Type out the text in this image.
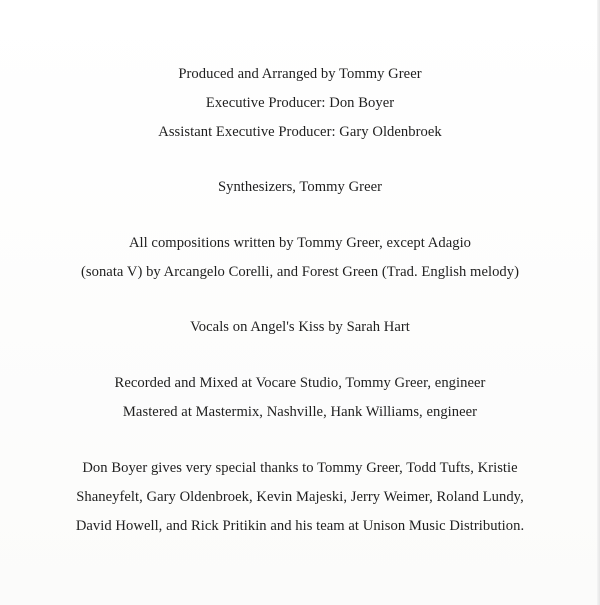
Produced and Arranged by Tommy Greer
Executive Producer: Don Boyer
Assistant Executive Producer: Gary Oldenbroek
Synthesizers, Tommy Greer
All compositions written by Tommy Greer, except Adagio
(sonata V) by Arcangelo Corelli, and Forest Green (Trad. English melody)
Vocals on Angel's Kiss by Sarah Hart
Recorded and Mixed at Vocare Studio, Tommy Greer, engineer
Mastered at Mastermix, Nashville, Hank Williams, engineer
Don Boyer gives very special thanks to Tommy Greer, Todd Tufts, Kristie
Shaneyfelt, Gary Oldenbroek, Kevin Majeski, Jerry Weimer, Roland Lundy,
David Howell, and Rick Pritikin and his team at Unison Music Distribution.
